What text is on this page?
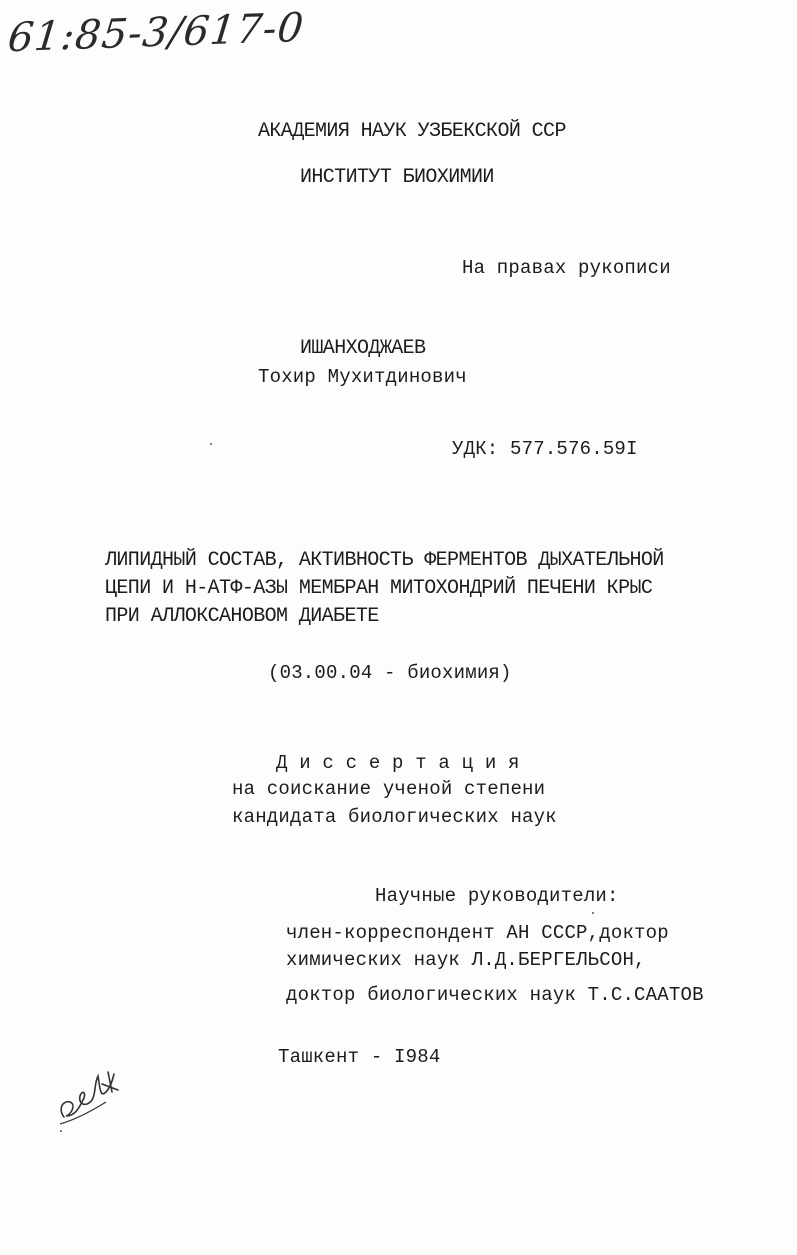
61:85-3/617-0
АКАДЕМИЯ НАУК УЗБЕКСКОЙ ССР
ИНСТИТУТ БИОХИМИИ
На правах рукописи
ИШАНХОДЖАЕВ
Тохир Мухитдинович
УДК: 577.576.59I
ЛИПИДНЫЙ СОСТАВ, АКТИВНОСТЬ ФЕРМЕНТОВ ДЫХАТЕЛЬНОЙ
ЦЕПИ И Н-АТФ-АЗЫ МЕМБРАН МИТОХОНДРИЙ ПЕЧЕНИ КРЫС
ПРИ АЛЛОКСАНОВОМ ДИАБЕТЕ
(03.00.04 - биохимия)
Д и с с е р т а ц и я
на соискание ученой степени
кандидата биологических наук
Научные руководители:
член-корреспондент АН СССР,доктор
химических наук Л.Д.БЕРГЕЛЬСОН,
доктор биологических наук Т.С.СААТОВ
Ташкент - I984
